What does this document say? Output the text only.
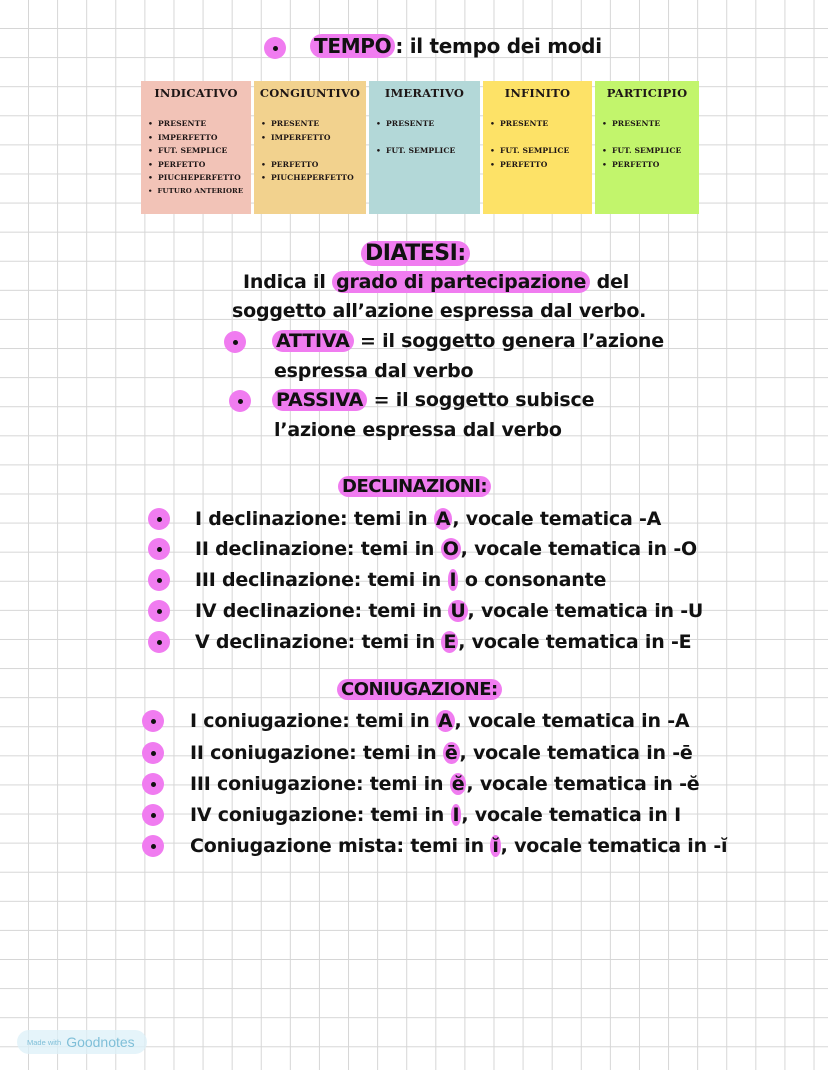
TEMPO : il tempo dei modi
INDICATIVO
• PRESENTE
• IMPERFETTO
• FUT. SEMPLICE
• PERFETTO
• PIUCHEPERFETTO
• FUTURO ANTERIORE
CONGIUNTIVO
• PRESENTE
• IMPERFETTO
• PERFETTO
• PIUCHEPERFETTO
IMERATIVO
• PRESENTE
• FUT. SEMPLICE
INFINITO
• PRESENTE
• FUT. SEMPLICE
• PERFETTO
PARTICIPIO
• PRESENTE
• FUT. SEMPLICE
• PERFETTO
DIATESI:
Indica il grado di partecipazione del
soggetto all’azione espressa dal verbo.
ATTIVA = il soggetto genera l’azione
espressa dal verbo
PASSIVA = il soggetto subisce
l’azione espressa dal verbo
DECLINAZIONI:
I declinazione: temi in A , vocale tematica -A
II declinazione: temi in O , vocale tematica in -O
III declinazione: temi in I o consonante
IV declinazione: temi in U , vocale tematica in -U
V declinazione: temi in E , vocale tematica in -E
CONIUGAZIONE:
I coniugazione: temi in A , vocale tematica in -A
II coniugazione: temi in ē , vocale tematica in -ē
III coniugazione: temi in ĕ , vocale tematica in -ĕ
IV coniugazione: temi in I , vocale tematica in I
Coniugazione mista: temi in ĭ , vocale tematica in -ĭ
Made with Goodnotes
